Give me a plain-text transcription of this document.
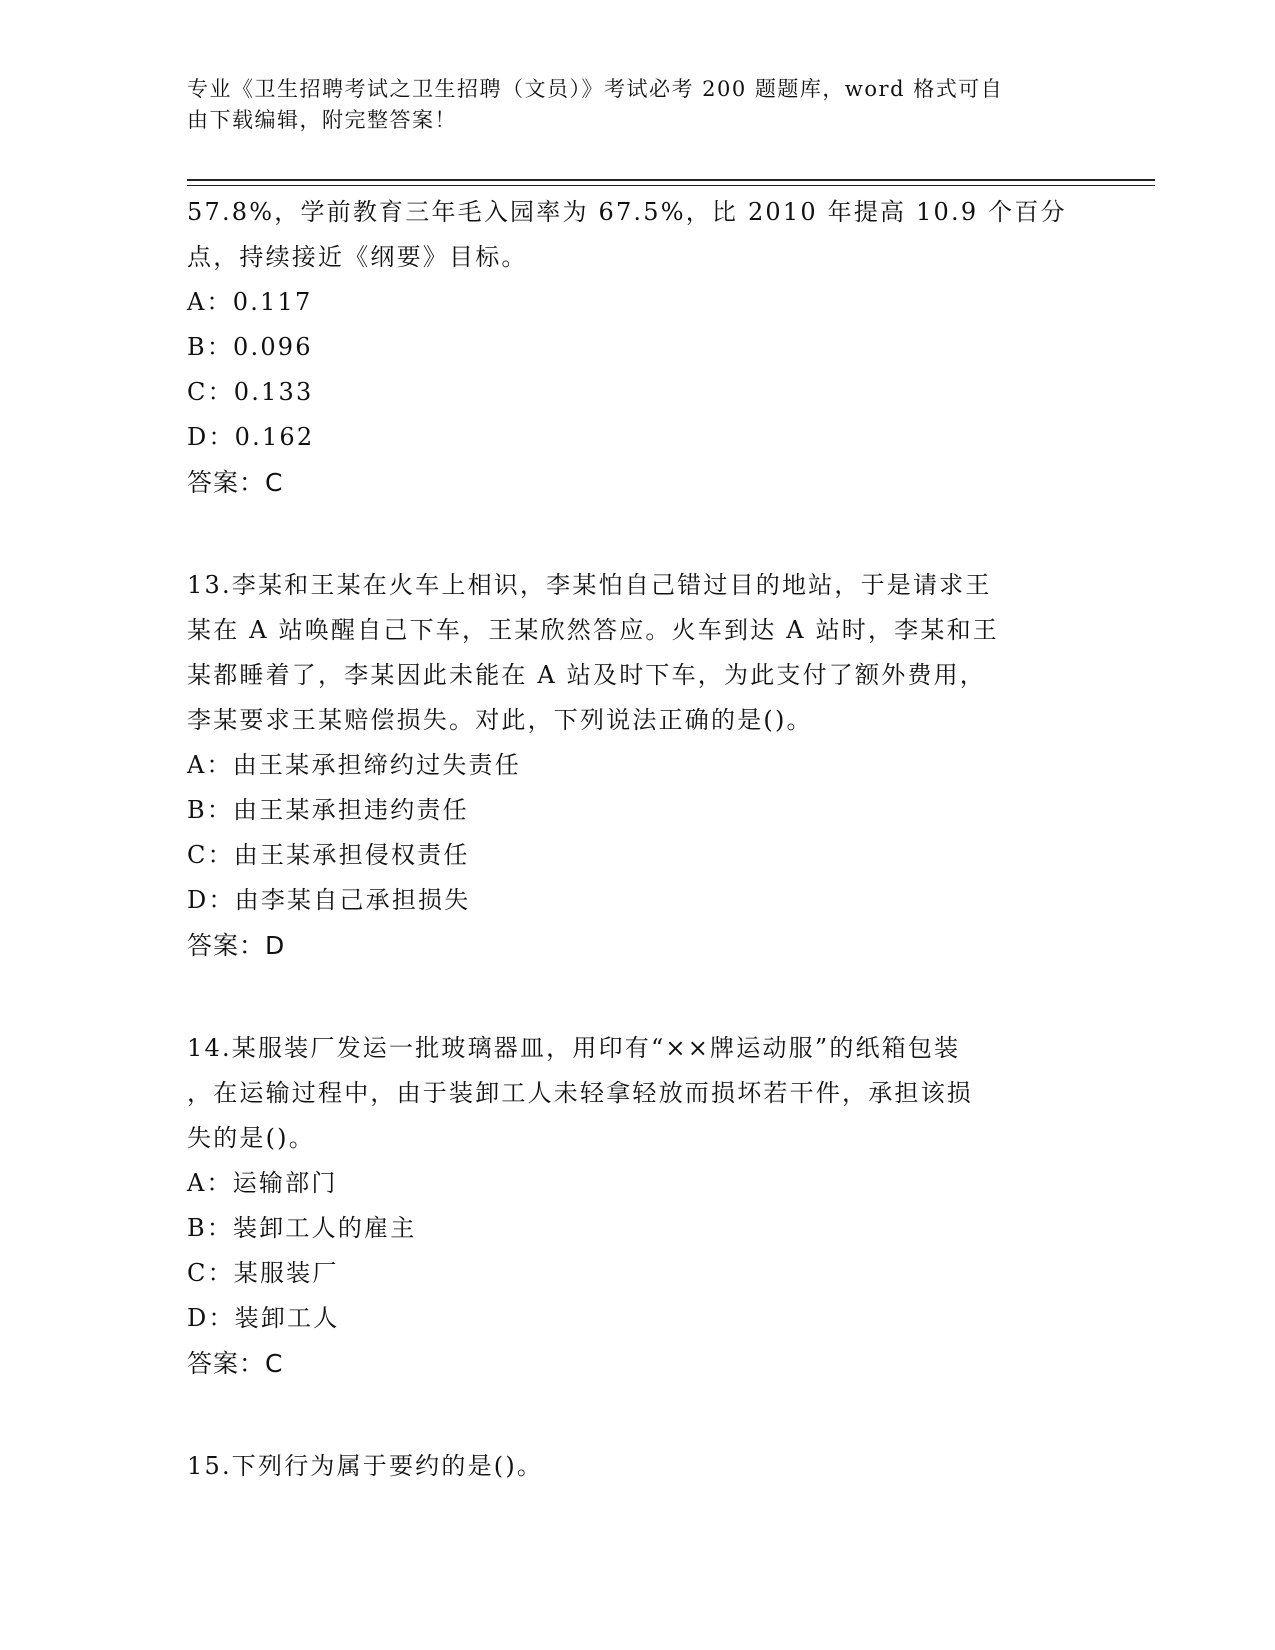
专业《卫生招聘考试之卫生招聘（文员）》考试必考 200 题题库，word 格式可自
由下载编辑，附完整答案！
57.8%，学前教育三年毛入园率为 67.5%，比 2010 年提高 10.9 个百分
点，持续接近《纲要》目标。
A：0.117
B：0.096
C：0.133
D：0.162
答案：C
13.李某和王某在火车上相识，李某怕自己错过目的地站，于是请求王
某在 A 站唤醒自己下车，王某欣然答应。火车到达 A 站时，李某和王
某都睡着了，李某因此未能在 A 站及时下车，为此支付了额外费用，
李某要求王某赔偿损失。对此，下列说法正确的是()。
A：由王某承担缔约过失责任
B：由王某承担违约责任
C：由王某承担侵权责任
D：由李某自己承担损失
答案：D
14.某服装厂发运一批玻璃器皿，用印有“××牌运动服”的纸箱包装
，在运输过程中，由于装卸工人未轻拿轻放而损坏若干件，承担该损
失的是()。
A：运输部门
B：装卸工人的雇主
C：某服装厂
D：装卸工人
答案：C
15.下列行为属于要约的是()。
